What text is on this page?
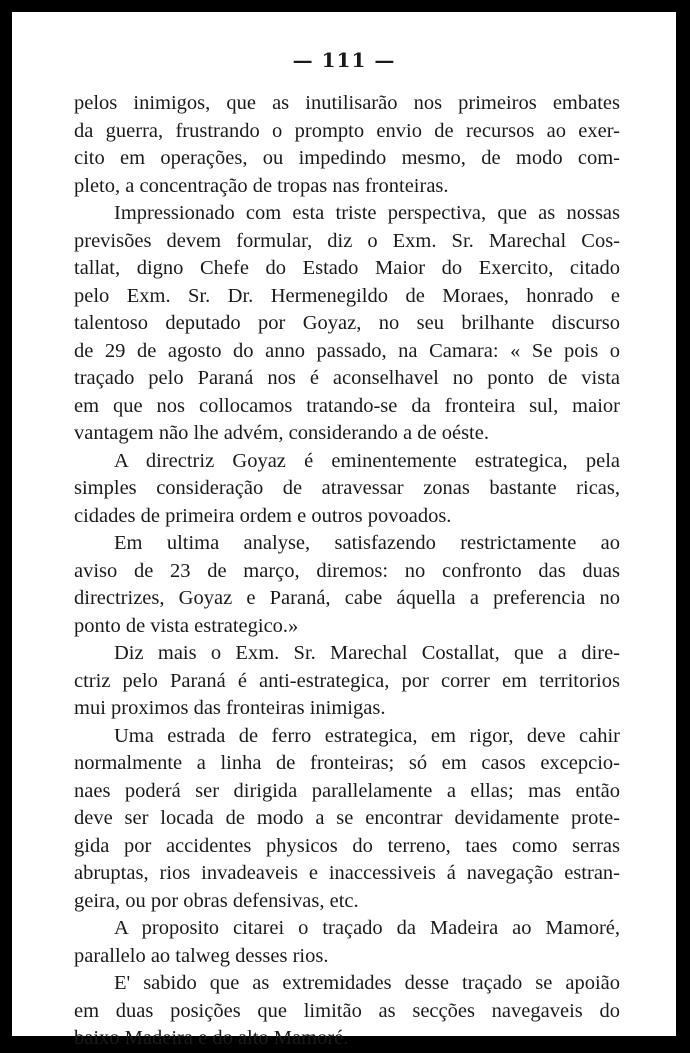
— 111 —

pelos inimigos, que as inutilisarão nos primeiros embates
da guerra, frustrando o prompto envio de recursos ao exer-
cito em operações, ou impedindo mesmo, de modo com-
pleto, a concentração de tropas nas fronteiras.

Impressionado com esta triste perspectiva, que as nossas
previsões devem formular, diz o Exm. Sr. Marechal Cos-
tallat, digno Chefe do Estado Maior do Exercito, citado
pelo Exm. Sr. Dr. Hermenegildo de Moraes, honrado e
talentoso deputado por Goyaz, no seu brilhante discurso
de 29 de agosto do anno passado, na Camara: « Se pois o
traçado pelo Paraná nos é aconselhavel no ponto de vista
em que nos collocamos tratando-se da fronteira sul, maior
vantagem não lhe advém, considerando a de oéste.

A directriz Goyaz é eminentemente estrategica, pela
simples consideração de atravessar zonas bastante ricas,
cidades de primeira ordem e outros povoados.

Em ultima analyse, satisfazendo restrictamente ao
aviso de 23 de março, diremos: no confronto das duas
directrizes, Goyaz e Paraná, cabe áquella a preferencia no
ponto de vista estrategico.»

Diz mais o Exm. Sr. Marechal Costallat, que a dire-
ctriz pelo Paraná é anti-estrategica, por correr em territorios
mui proximos das fronteiras inimigas.

Uma estrada de ferro estrategica, em rigor, deve cahir
normalmente a linha de fronteiras; só em casos excepcio-
naes poderá ser dirigida parallelamente a ellas; mas então
deve ser locada de modo a se encontrar devidamente prote-
gida por accidentes physicos do terreno, taes como serras
abruptas, rios invadeaveis e inaccessiveis á navegação estran-
geira, ou por obras defensivas, etc.

A proposito citarei o traçado da Madeira ao Mamoré,
parallelo ao talweg desses rios.

E' sabido que as extremidades desse traçado se apoião
em duas posições que limitão as secções navegaveis do
baixo Madeira e do alto Mamoré.
